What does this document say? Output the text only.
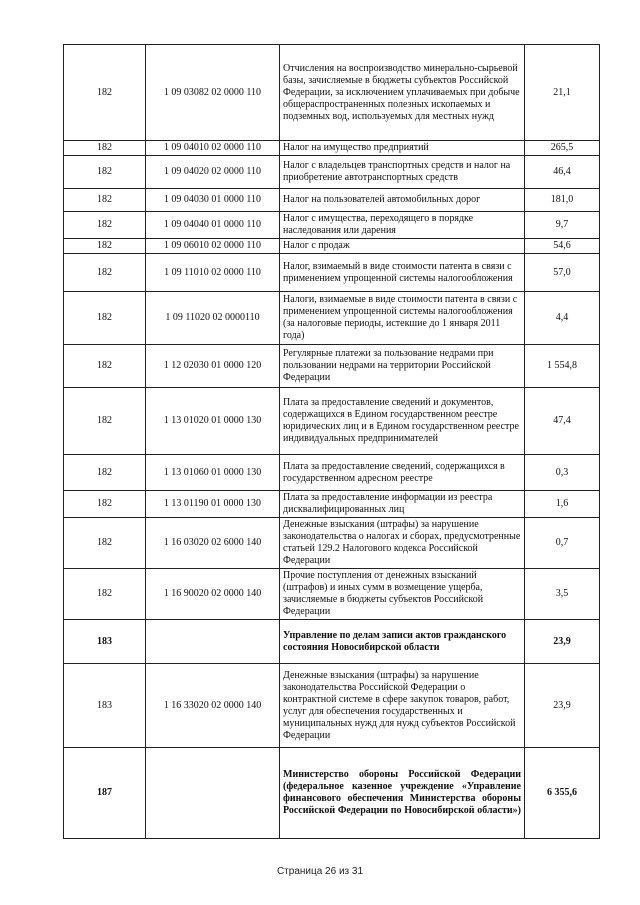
182	1 09 03082 02 0000 110	Отчисления на воспроизводство минерально-сырьевой базы, зачисляемые в бюджеты субъектов Российской Федерации, за исключением уплачиваемых при добыче общераспространенных полезных ископаемых и подземных вод, используемых для местных нужд	21,1
182	1 09 04010 02 0000 110	Налог на имущество предприятий	265,5
182	1 09 04020 02 0000 110	Налог с владельцев транспортных средств и налог на приобретение автотранспортных средств	46,4
182	1 09 04030 01 0000 110	Налог на пользователей автомобильных дорог	181,0
182	1 09 04040 01 0000 110	Налог с имущества, переходящего в порядке наследования или дарения	9,7
182	1 09 06010 02 0000 110	Налог с продаж	54,6
182	1 09 11010 02 0000 110	Налог, взимаемый в виде стоимости патента в связи с применением упрощенной системы налогообложения	57,0
182	1 09 11020 02 0000110	Налоги, взимаемые в виде стоимости патента в связи с применением упрощенной системы налогообложения (за налоговые периоды, истекшие до 1 января 2011 года)	4,4
182	1 12 02030 01 0000 120	Регулярные платежи за пользование недрами при пользовании недрами на территории Российской Федерации	1 554,8
182	1 13 01020 01 0000 130	Плата за предоставление сведений и документов, содержащихся в Едином государственном реестре юридических лиц и в Едином государственном реестре индивидуальных предпринимателей	47,4
182	1 13 01060 01 0000 130	Плата за предоставление сведений, содержащихся в государственном адресном реестре	0,3
182	1 13 01190 01 0000 130	Плата за предоставление информации из реестра дисквалифицированных лиц	1,6
182	1 16 03020 02 6000 140	Денежные взыскания (штрафы) за нарушение законодательства о налогах и сборах, предусмотренные статьей 129.2 Налогового кодекса Российской Федерации	0,7
182	1 16 90020 02 0000 140	Прочие поступления от денежных взысканий (штрафов) и иных сумм в возмещение ущерба, зачисляемые в бюджеты субъектов Российской Федерации	3,5
183		Управление по делам записи актов гражданского состояния Новосибирской области	23,9
183	1 16 33020 02 0000 140	Денежные взыскания (штрафы) за нарушение законодательства Российской Федерации о контрактной системе в сфере закупок товаров, работ, услуг для обеспечения государственных и муниципальных нужд для нужд субъектов Российской Федерации	23,9
187		Министерство обороны Российской Федерации (федеральное казенное учреждение «Управление финансового обеспечения Министерства обороны Российской Федерации по Новосибирской области»)	6 355,6
Страница 26 из 31
